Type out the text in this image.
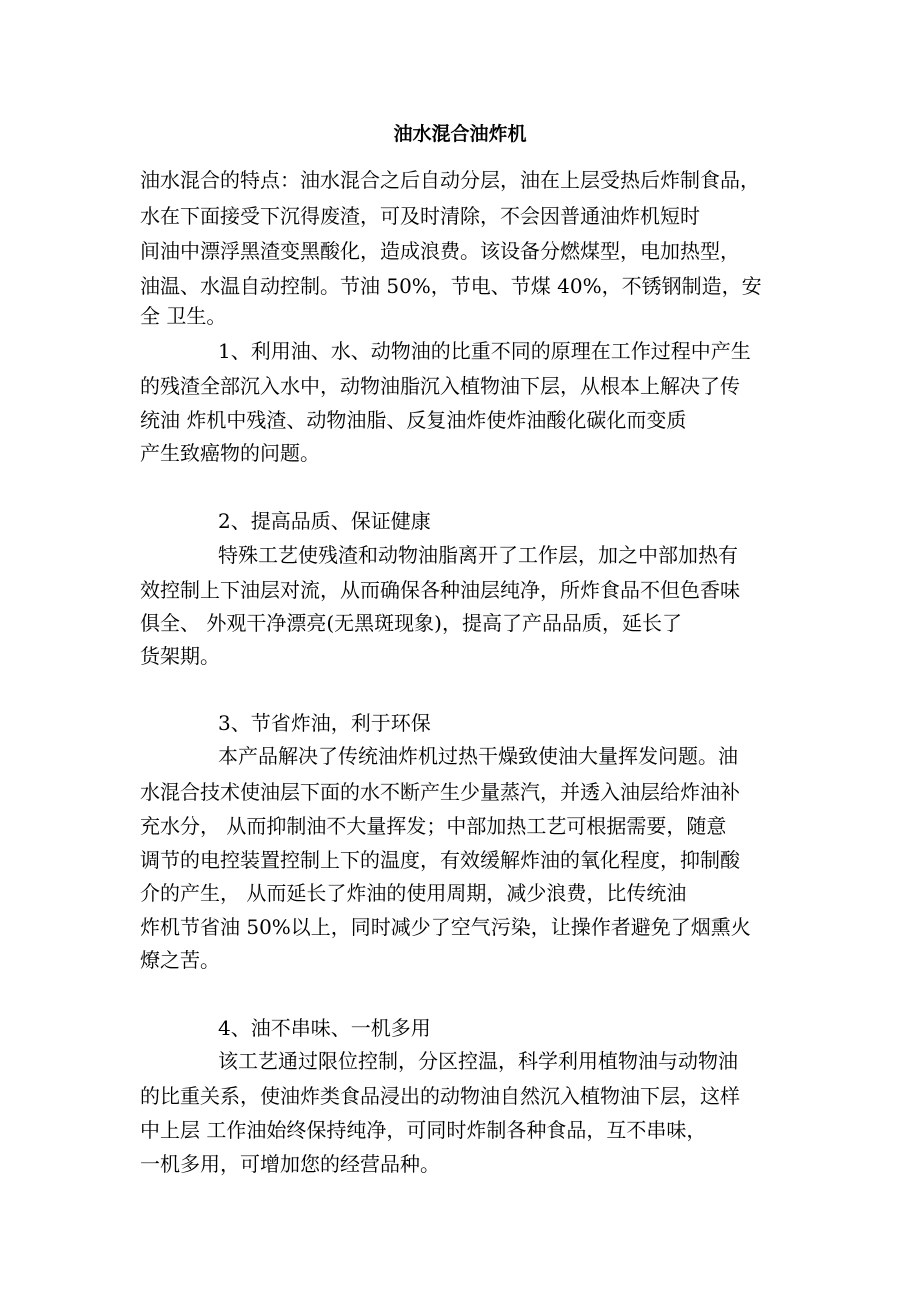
油水混合油炸机
油水混合的特点：油水混合之后自动分层，油在上层受热后炸制食品，
水在下面接受下沉得废渣，可及时清除，不会因普通油炸机短时
间油中漂浮黑渣变黑酸化，造成浪费。该设备分燃煤型，电加热型，
油温、水温自动控制。节油 50%，节电、节煤 40%，不锈钢制造，安
全 卫生。
1、利用油、水、动物油的比重不同的原理在工作过程中产生
的残渣全部沉入水中，动物油脂沉入植物油下层，从根本上解决了传
统油 炸机中残渣、动物油脂、反复油炸使炸油酸化碳化而变质
产生致癌物的问题。
2、提高品质、保证健康
特殊工艺使残渣和动物油脂离开了工作层，加之中部加热有
效控制上下油层对流，从而确保各种油层纯净，所炸食品不但色香味
俱全、 外观干净漂亮(无黑斑现象)，提高了产品品质，延长了
货架期。
3、节省炸油，利于环保
本产品解决了传统油炸机过热干燥致使油大量挥发问题。油
水混合技术使油层下面的水不断产生少量蒸汽，并透入油层给炸油补
充水分， 从而抑制油不大量挥发；中部加热工艺可根据需要，随意
调节的电控装置控制上下的温度，有效缓解炸油的氧化程度，抑制酸
介的产生， 从而延长了炸油的使用周期，减少浪费，比传统油
炸机节省油 50%以上，同时减少了空气污染，让操作者避免了烟熏火
燎之苦。
4、油不串味、一机多用
该工艺通过限位控制，分区控温，科学利用植物油与动物油
的比重关系，使油炸类食品浸出的动物油自然沉入植物油下层，这样
中上层 工作油始终保持纯净，可同时炸制各种食品，互不串味，
一机多用，可增加您的经营品种。
